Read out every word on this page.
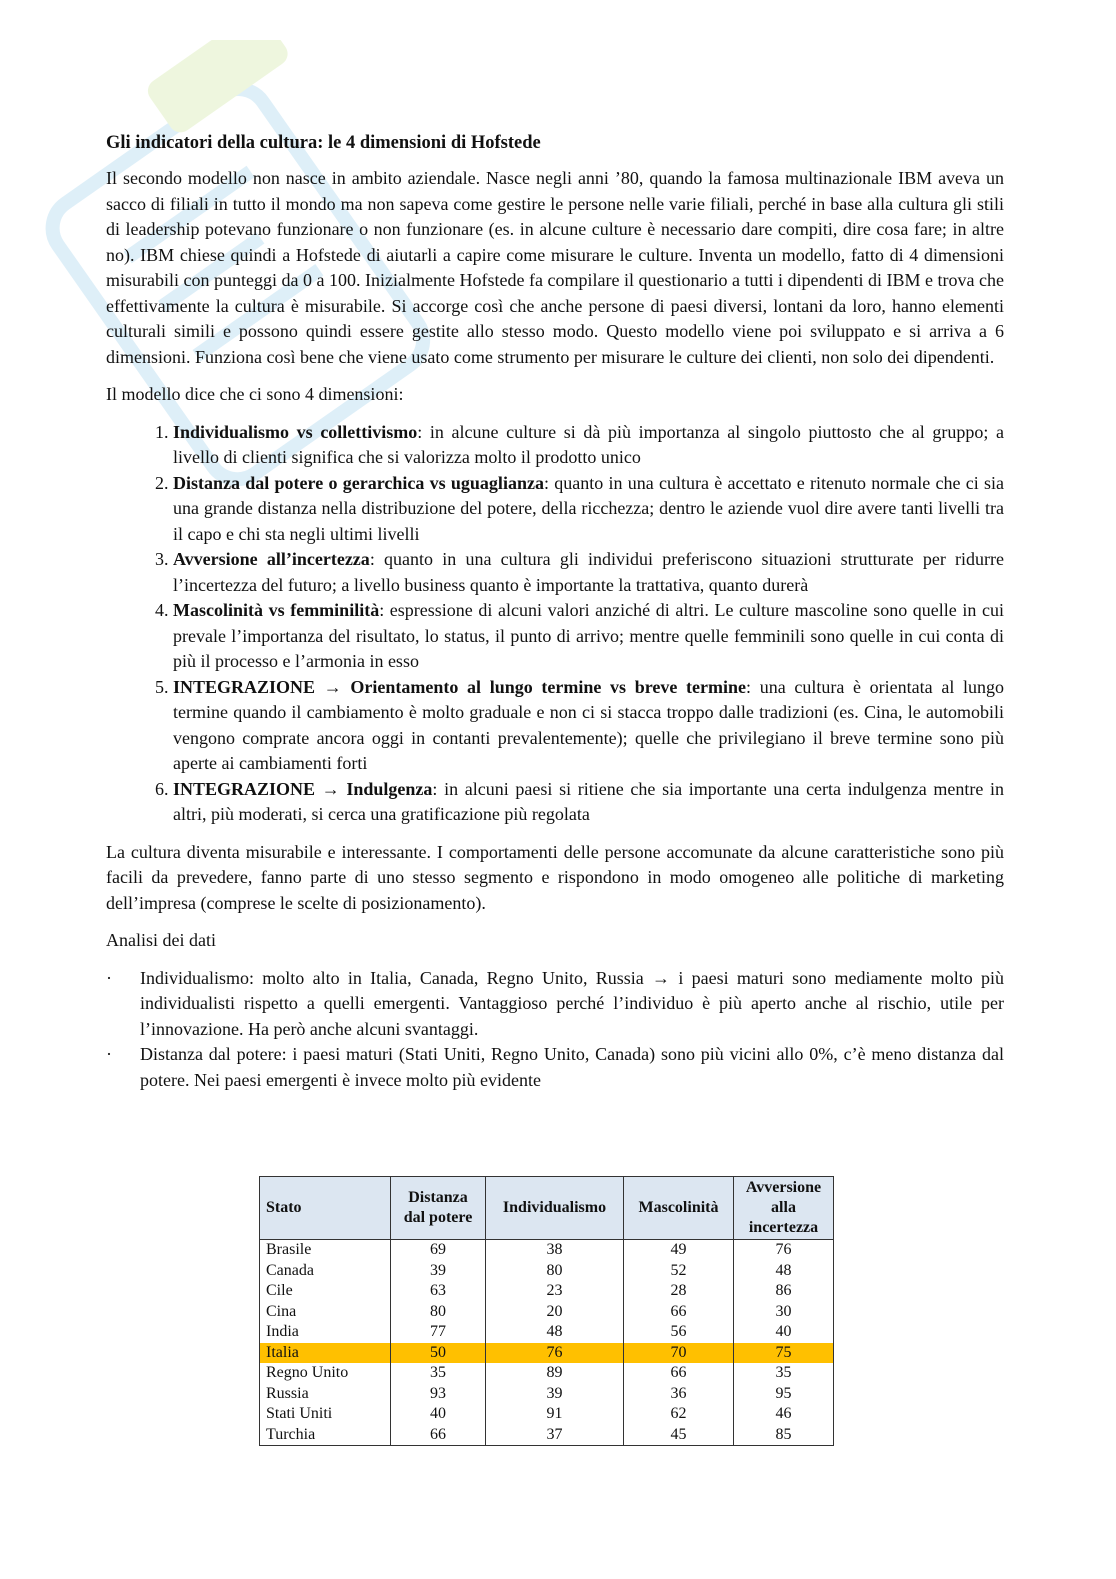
Gli indicatori della cultura: le 4 dimensioni di Hofstede

Il secondo modello non nasce in ambito aziendale. Nasce negli anni ’80, quando la famosa multinazionale IBM aveva un sacco di filiali in tutto il mondo ma non sapeva come gestire le persone nelle varie filiali, perché in base alla cultura gli stili di leadership potevano funzionare o non funzionare (es. in alcune culture è necessario dare compiti, dire cosa fare; in altre no). IBM chiese quindi a Hofstede di aiutarli a capire come misurare le culture. Inventa un modello, fatto di 4 dimensioni misurabili con punteggi da 0 a 100. Inizialmente Hofstede fa compilare il questionario a tutti i dipendenti di IBM e trova che effettivamente la cultura è misurabile. Si accorge così che anche persone di paesi diversi, lontani da loro, hanno elementi culturali simili e possono quindi essere gestite allo stesso modo. Questo modello viene poi sviluppato e si arriva a 6 dimensioni. Funziona così bene che viene usato come strumento per misurare le culture dei clienti, non solo dei dipendenti.

Il modello dice che ci sono 4 dimensioni:

1. Individualismo vs collettivismo: in alcune culture si dà più importanza al singolo piuttosto che al gruppo; a livello di clienti significa che si valorizza molto il prodotto unico
2. Distanza dal potere o gerarchica vs uguaglianza: quanto in una cultura è accettato e ritenuto normale che ci sia una grande distanza nella distribuzione del potere, della ricchezza; dentro le aziende vuol dire avere tanti livelli tra il capo e chi sta negli ultimi livelli
3. Avversione all’incertezza: quanto in una cultura gli individui preferiscono situazioni strutturate per ridurre l’incertezza del futuro; a livello business quanto è importante la trattativa, quanto durerà
4. Mascolinità vs femminilità: espressione di alcuni valori anziché di altri. Le culture mascoline sono quelle in cui prevale l’importanza del risultato, lo status, il punto di arrivo; mentre quelle femminili sono quelle in cui conta di più il processo e l’armonia in esso
5. INTEGRAZIONE → Orientamento al lungo termine vs breve termine: una cultura è orientata al lungo termine quando il cambiamento è molto graduale e non ci si stacca troppo dalle tradizioni (es. Cina, le automobili vengono comprate ancora oggi in contanti prevalentemente); quelle che privilegiano il breve termine sono più aperte ai cambiamenti forti
6. INTEGRAZIONE → Indulgenza: in alcuni paesi si ritiene che sia importante una certa indulgenza mentre in altri, più moderati, si cerca una gratificazione più regolata

La cultura diventa misurabile e interessante. I comportamenti delle persone accomunate da alcune caratteristiche sono più facili da prevedere, fanno parte di uno stesso segmento e rispondono in modo omogeneo alle politiche di marketing dell’impresa (comprese le scelte di posizionamento).

Analisi dei dati

· Individualismo: molto alto in Italia, Canada, Regno Unito, Russia → i paesi maturi sono mediamente molto più individualisti rispetto a quelli emergenti. Vantaggioso perché l’individuo è più aperto anche al rischio, utile per l’innovazione. Ha però anche alcuni svantaggi.
· Distanza dal potere: i paesi maturi (Stati Uniti, Regno Unito, Canada) sono più vicini allo 0%, c’è meno distanza dal potere. Nei paesi emergenti è invece molto più evidente
Stato	Distanza dal potere	Individualismo	Mascolinità	Avversione alla incertezza
Brasile	69	38	49	76
Canada	39	80	52	48
Cile	63	23	28	86
Cina	80	20	66	30
India	77	48	56	40
Italia	50	76	70	75
Regno Unito	35	89	66	35
Russia	93	39	36	95
Stati Uniti	40	91	62	46
Turchia	66	37	45	85
